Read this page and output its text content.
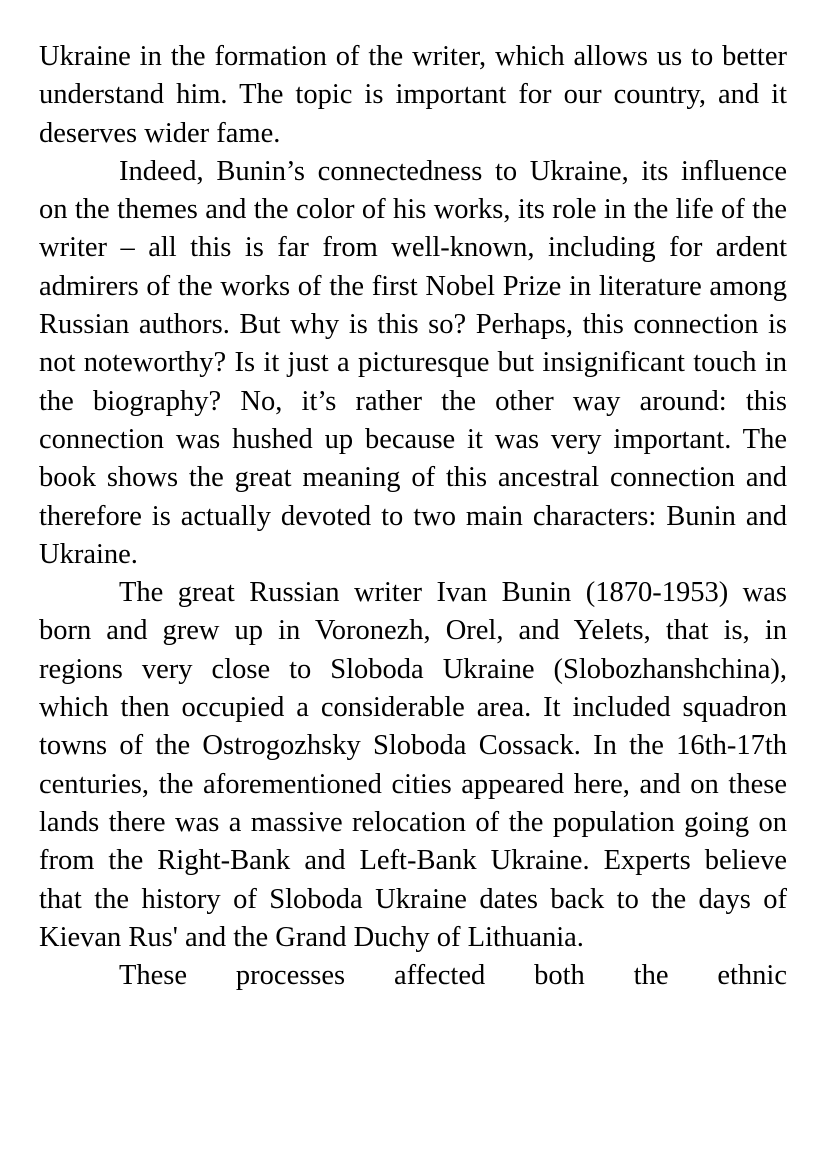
Ukraine in the formation of the writer, which allows us to better understand him. The topic is important for our country, and it deserves wider fame.

Indeed, Bunin’s connectedness to Ukraine, its influence on the themes and the color of his works, its role in the life of the writer – all this is far from well-known, including for ardent admirers of the works of the first Nobel Prize in literature among Russian authors. But why is this so? Perhaps, this connection is not noteworthy? Is it just a picturesque but insignificant touch in the biography? No, it’s rather the other way around: this connection was hushed up because it was very important. The book shows the great meaning of this ancestral connection and therefore is actually devoted to two main characters: Bunin and Ukraine.

The great Russian writer Ivan Bunin (1870-1953) was born and grew up in Voronezh, Orel, and Yelets, that is, in regions very close to Sloboda Ukraine (Slobozhanshchina), which then occupied a considerable area. It included squadron towns of the Ostrogozhsky Sloboda Cossack. In the 16th-17th centuries, the aforementioned cities appeared here, and on these lands there was a massive relocation of the population going on from the Right-Bank and Left-Bank Ukraine. Experts believe that the history of Sloboda Ukraine dates back to the days of Kievan Rus' and the Grand Duchy of Lithuania.

These processes affected both the ethnic
